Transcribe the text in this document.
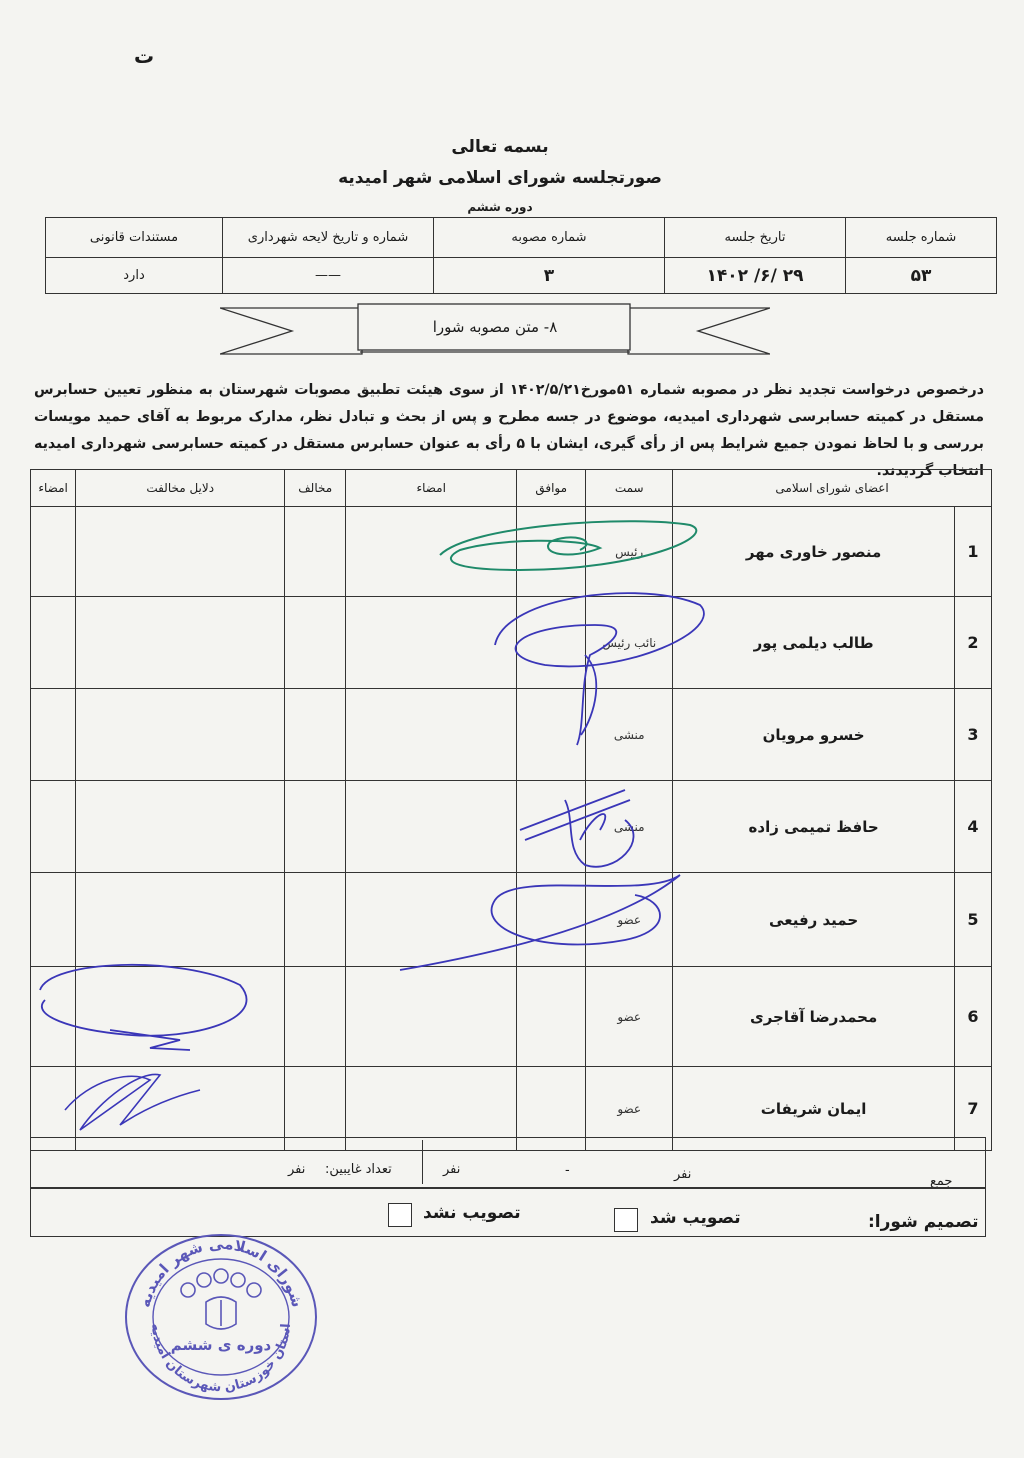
ت
بسمه تعالی
صورتجلسه شورای اسلامی شهر امیدیه
دوره ششم
شماره جلسه	تاریخ جلسه	شماره مصوبه	شماره و تاریخ لایحه شهرداری	مستندات قانونی
۵۳	۲۹ /۶/ ۱۴۰۲	۳	——	دارد
۸- متن مصوبه شورا
درخصوص درخواست تجدید نظر در مصوبه شماره ۵۱مورخ۱۴۰۲/۵/۲۱ از سوی هیئت تطبیق مصوبات شهرستان به منظور تعیین حسابرس مستقل در کمیته حسابرسی شهرداری امیدیه، موضوع در جسه مطرح و پس از بحث و تبادل نظر، مدارک مربوط به آقای حمید مویسات بررسی و با لحاظ نمودن جمیع شرایط پس از رأی گیری، ایشان با ۵ رأی به عنوان حسابرس مستقل در کمیته حسابرسی شهرداری امیدیه انتخاب گردیدند.
اعضای شورای اسلامی		سمت	موافق	امضاء	مخالف	دلایل مخالفت	امضاء
1	منصور خاوری مهر	رئیس					
2	طالب دیلمی پور	نائب رئیس					
3	خسرو مرویان	منشی					
4	حافظ تمیمی زاده	منشی					
5	حمید رفیعی	عضو					
6	محمدرضا آقاجری	عضو					
7	ایمان شریفات	عضو					
جمع
نفر
-
نفر
تعداد غایبین:
نفر
تصمیم شورا:
تصویب شد
تصویب نشد
شورای اسلامی شهر امیدیه
استان خوزستان شهرستان امیدیه
دوره ی ششم
